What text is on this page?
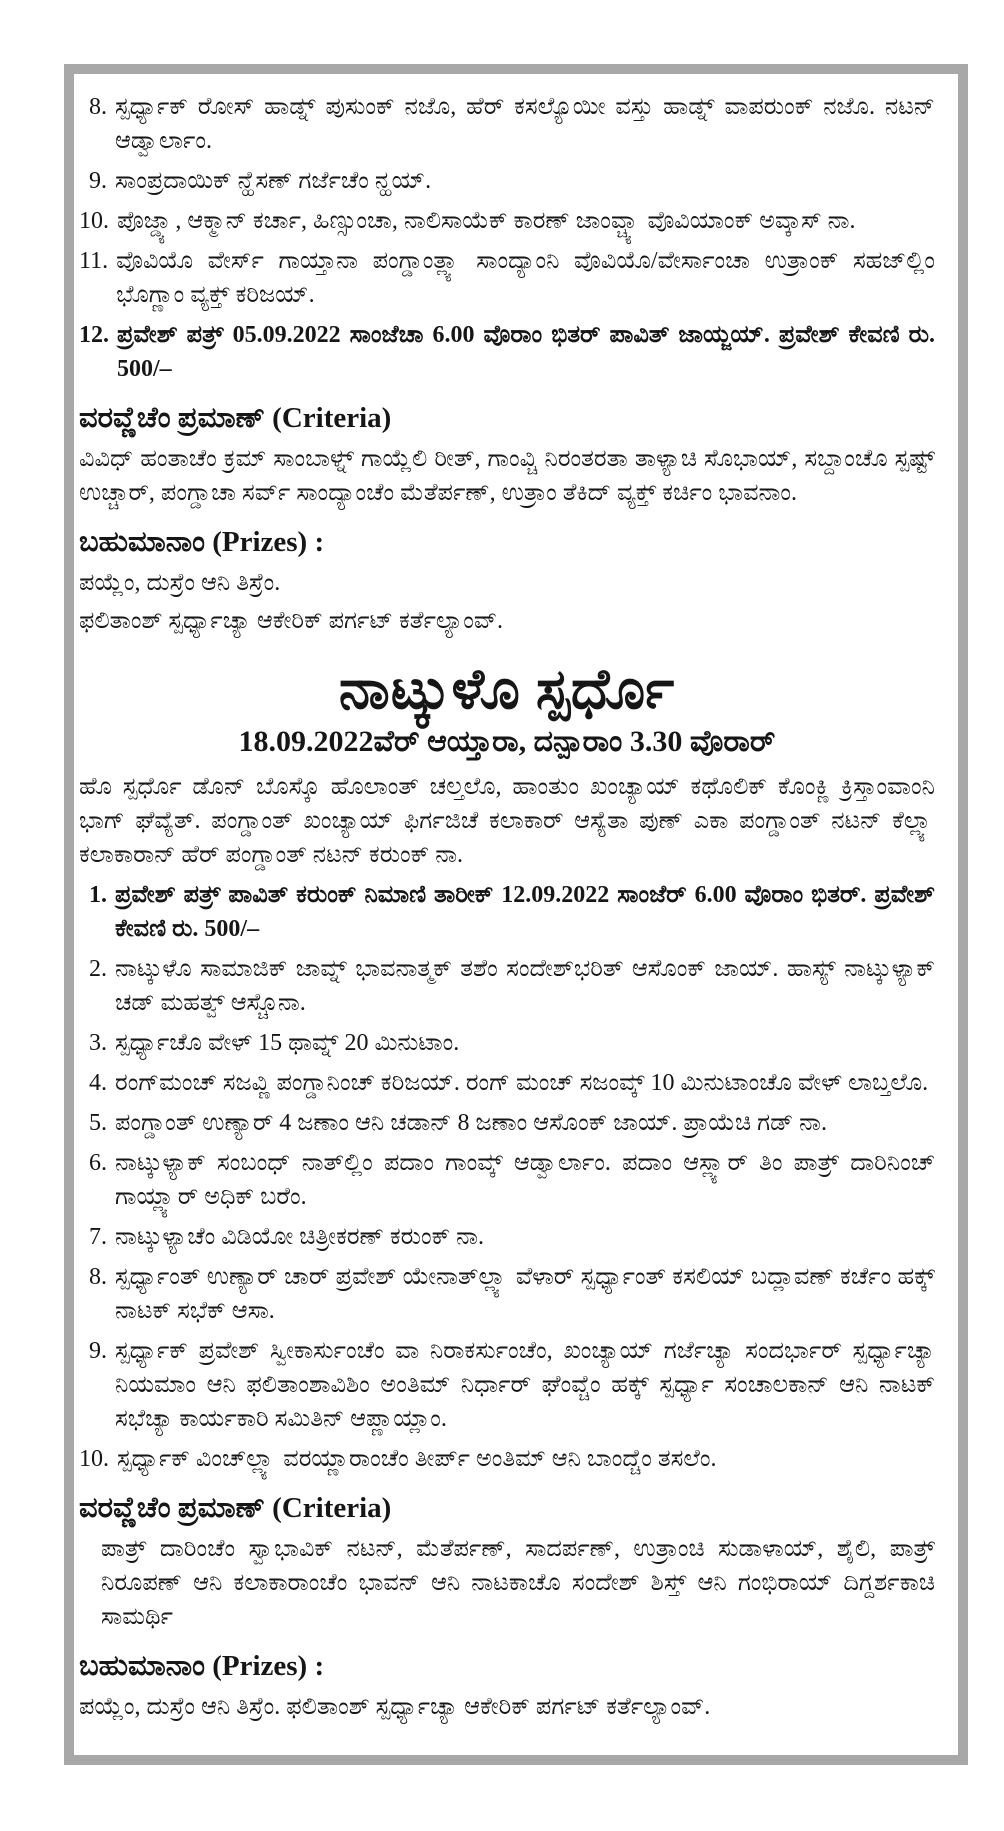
8. ಸ್ಪರ್ಧ್ಯಾಕ್ ರೋಸ್ ಹಾಡ್ನ್ ಪುಸುಂಕ್ ನಜೊ, ಹೆರ್ ಕಸಲ್ಯೊಯೀ ವಸ್ತು ಹಾಡ್ನ್ ವಾಪರುಂಕ್ ನಜೊ. ನಟನ್ ಆಡ್ವಾರ್ಲಾಂ.
9. ಸಾಂಪ್ರದಾಯಿಕ್ ನ್ಹೆಸಣ್ ಗರ್ಜೆಚೆಂ ನ್ಹಯ್.
10. ಪೊಜ್ಡ್ಯಾ, ಆಕ್ಮಾನ್ ಕರ್ಚಾ, ಹಿಣ್ಸುಂಚಾ, ನಾಲಿಸಾಯೆಕ್ ಕಾರಣ್ ಜಾಂವ್ಚ್ಯಾ ವೊವಿಯಾಂಕ್ ಅವ್ಕಾಸ್ ನಾ.
11. ವೊವಿಯೊ ವೇರ್ಸ್ ಗಾಯ್ತಾನಾ ಪಂಗ್ಡಾಂತ್ಲ್ಯಾ ಸಾಂದ್ಯಾಂನಿ ವೊವಿಯೊ/ವೇರ್ಸಾಂಚಾ ಉತ್ರಾಂಕ್ ಸಹಜ್‌ಲ್ಲಿಂ ಭೊಗ್ಣಾಂ ವ್ಯಕ್ತ್ ಕರಿಜಯ್.
12. ಪ್ರವೇಶ್ ಪತ್ರ್ 05.09.2022 ಸಾಂಜೆಚಾ 6.00 ವೊರಾಂ ಭಿತರ್ ಪಾವಿತ್ ಜಾಯ್ಜಯ್. ಪ್ರವೇಶ್ ಕೇವಣಿ ರು. 500/–
ವರವ್ಣೆಚೆಂ ಪ್ರಮಾಣ್ (Criteria)

ವಿವಿಧ್ ಹಂತಾಚೆಂ ಕ್ರಮ್ ಸಾಂಬಾಳ್ನ್ ಗಾಯ್ಲೆಲಿ ರೀತ್, ಗಾಂವ್ಚಿ ನಿರಂತರತಾ ತಾಳ್ಯಾಚಿ ಸೊಭಾಯ್, ಸಬ್ದಾಂಚೊ ಸ್ಪಷ್ಟ್ ಉಚ್ಚಾರ್, ಪಂಗ್ಡಾಚಾ ಸರ್ವ್ ಸಾಂದ್ಯಾಂಚೆಂ ಮೆತೆರ್ಪಣ್, ಉತ್ರಾಂ ತೆಕಿದ್ ವ್ಯಕ್ತ್ ಕರ್ಚಿಂ ಭಾವನಾಂ.

ಬಹುಮಾನಾಂ (Prizes) :

ಪಯ್ಲೆಂ, ದುಸ್ರೆಂ ಆನಿ ತಿಸ್ರೆಂ.

ಫಲಿತಾಂಶ್ ಸ್ಪರ್ಧ್ಯಾಚ್ಯಾ ಆಕೇರಿಕ್ ಪರ್ಗಟ್ ಕರ್ತೆಲ್ಯಾಂವ್.

ನಾಟ್ಕುಳೊ ಸ್ಪರ್ಧೊ
18.09.2022ವೆರ್ ಆಯ್ತಾರಾ, ದನ್ಪಾರಾಂ 3.30 ವೊರಾರ್

ಹೊ ಸ್ಪರ್ಧೊ ಡೊನ್ ಬೊಸ್ಕೊ ಹೊಲಾಂತ್ ಚಲ್ತಲೊ, ಹಾಂತುಂ ಖಂಚ್ಯಾಯ್ ಕಥೊಲಿಕ್ ಕೊಂಕ್ಣಿ ಕ್ರಿಸ್ತಾಂವಾಂನಿ ಭಾಗ್ ಘೆವ್ಯೆತ್. ಪಂಗ್ಡಾಂತ್ ಖಂಚ್ಯಾಯ್ ಫಿರ್ಗಜಿಚೆ ಕಲಾಕಾರ್ ಆಸ್ಯೆತಾ ಪುಣ್ ಎಕಾ ಪಂಗ್ಡಾಂತ್ ನಟನ್ ಕೆಲ್ಲ್ಯಾ ಕಲಾಕಾರಾನ್ ಹೆರ್ ಪಂಗ್ಡಾಂತ್ ನಟನ್ ಕರುಂಕ್ ನಾ.

1. ಪ್ರವೇಶ್ ಪತ್ರ್ ಪಾವಿತ್ ಕರುಂಕ್ ನಿಮಾಣಿ ತಾರೀಕ್ 12.09.2022 ಸಾಂಜೆರ್ 6.00 ವೊರಾಂ ಭಿತರ್. ಪ್ರವೇಶ್ ಕೇವಣಿ ರು. 500/–
2. ನಾಟ್ಕುಳೊ ಸಾಮಾಜಿಕ್ ಜಾವ್ನ್ ಭಾವನಾತ್ಮಕ್ ತಶೆಂ ಸಂದೇಶ್‌ಭರಿತ್ ಆಸೊಂಕ್ ಜಾಯ್. ಹಾಸ್ಯ್ ನಾಟ್ಕುಳ್ಯಾಕ್ ಚಡ್ ಮಹತ್ವ್ ಆಸ್ಚೊನಾ.
3. ಸ್ಪರ್ಧ್ಯಾಚೊ ವೇಳ್ 15 ಥಾವ್ನ್ 20 ಮಿನುಟಾಂ.
4. ರಂಗ್‌ಮಂಚ್ ಸಜವ್ಣಿ ಪಂಗ್ಡಾನಿಂಚ್ ಕರಿಜಯ್. ರಂಗ್ ಮಂಚ್ ಸಜಂವ್ಕ್ 10 ಮಿನುಟಾಂಚೊ ವೇಳ್ ಲಾಬ್ತಲೊ.
5. ಪಂಗ್ಡಾಂತ್ ಉಣ್ಯಾರ್ 4 ಜಣಾಂ ಆನಿ ಚಡಾನ್ 8 ಜಣಾಂ ಆಸೊಂಕ್ ಜಾಯ್. ಪ್ರಾಯೆಚಿ ಗಡ್ ನಾ.
6. ನಾಟ್ಕುಳ್ಯಾಕ್ ಸಂಬಂಧ್ ನಾತ್‌ಲ್ಲಿಂ ಪದಾಂ ಗಾಂವ್ಕ್ ಆಡ್ವಾರ್ಲಾಂ. ಪದಾಂ ಆಸ್ಲ್ಯಾರ್ ತಿಂ ಪಾತ್ರ್ ದಾರಿನಿಂಚ್ ಗಾಯ್ಲ್ಯಾರ್ ಅಧಿಕ್ ಬರೆಂ.
7. ನಾಟ್ಕುಳ್ಯಾಚೆಂ ವಿಡಿಯೋ ಚಿತ್ರೀಕರಣ್ ಕರುಂಕ್ ನಾ.
8. ಸ್ಪರ್ಧ್ಯಾಂತ್ ಉಣ್ಯಾರ್ ಚಾರ್ ಪ್ರವೇಶ್ ಯೇನಾತ್‌ಲ್ಲ್ಯಾ ವೆಳಾರ್ ಸ್ಪರ್ಧ್ಯಾಂತ್ ಕಸಲಿಯ್ ಬದ್ಲಾವಣ್ ಕರ್ಚೆಂ ಹಕ್ಕ್ ನಾಟಕ್ ಸಭೆಕ್ ಆಸಾ.
9. ಸ್ಪರ್ಧ್ಯಾಕ್ ಪ್ರವೇಶ್ ಸ್ವೀಕಾರ್ಸುಂಚೆಂ ವಾ ನಿರಾಕರ್ಸುಂಚೆಂ, ಖಂಚ್ಯಾಯ್ ಗರ್ಜೆಚ್ಯಾ ಸಂದರ್ಭಾರ್ ಸ್ಪರ್ಧ್ಯಾಚ್ಯಾ ನಿಯಮಾಂ ಆನಿ ಫಲಿತಾಂಶಾವಿಶಿಂ ಅಂತಿಮ್ ನಿರ್ಧಾರ್ ಘೆಂವ್ಚೆಂ ಹಕ್ಕ್ ಸ್ಪರ್ಧ್ಯಾ ಸಂಚಾಲಕಾನ್ ಆನಿ ನಾಟಕ್ ಸಭೆಚ್ಯಾ ಕಾರ್ಯಕಾರಿ ಸಮಿತಿನ್ ಆಪ್ಣಾಯ್ಲಾಂ.
10. ಸ್ಪರ್ಧ್ಯಾಕ್ ವಿಂಚ್‌ಲ್ಲ್ಯಾ ವರಯ್ಣಾರಾಂಚೆಂ ತೀರ್ಪ್ ಅಂತಿಮ್ ಆನಿ ಬಾಂದ್ಚೆಂ ತಸಲೆಂ.
ವರವ್ಣೆಚೆಂ ಪ್ರಮಾಣ್ (Criteria)

ಪಾತ್ರ್ ದಾರಿಂಚೆಂ ಸ್ವಾಭಾವಿಕ್ ನಟನ್, ಮೆತೆರ್ಪಣ್, ಸಾದರ್ಪಣ್, ಉತ್ರಾಂಚಿ ಸುಡಾಳಾಯ್, ಶೈಲಿ, ಪಾತ್ರ್ ನಿರೂಪಣ್ ಆನಿ ಕಲಾಕಾರಾಂಚೆಂ ಭಾವನ್ ಆನಿ ನಾಟಕಾಚೊ ಸಂದೇಶ್ ಶಿಸ್ತ್ ಆನಿ ಗಂಭಿರಾಯ್ ದಿಗ್ದರ್ಶಕಾಚಿ ಸಾಮರ್ಥಿ

ಬಹುಮಾನಾಂ (Prizes) :

ಪಯ್ಲೆಂ, ದುಸ್ರೆಂ ಆನಿ ತಿಸ್ರೆಂ. ಫಲಿತಾಂಶ್ ಸ್ಪರ್ಧ್ಯಾಚ್ಯಾ ಆಕೇರಿಕ್ ಪರ್ಗಟ್ ಕರ್ತೆಲ್ಯಾಂವ್.
